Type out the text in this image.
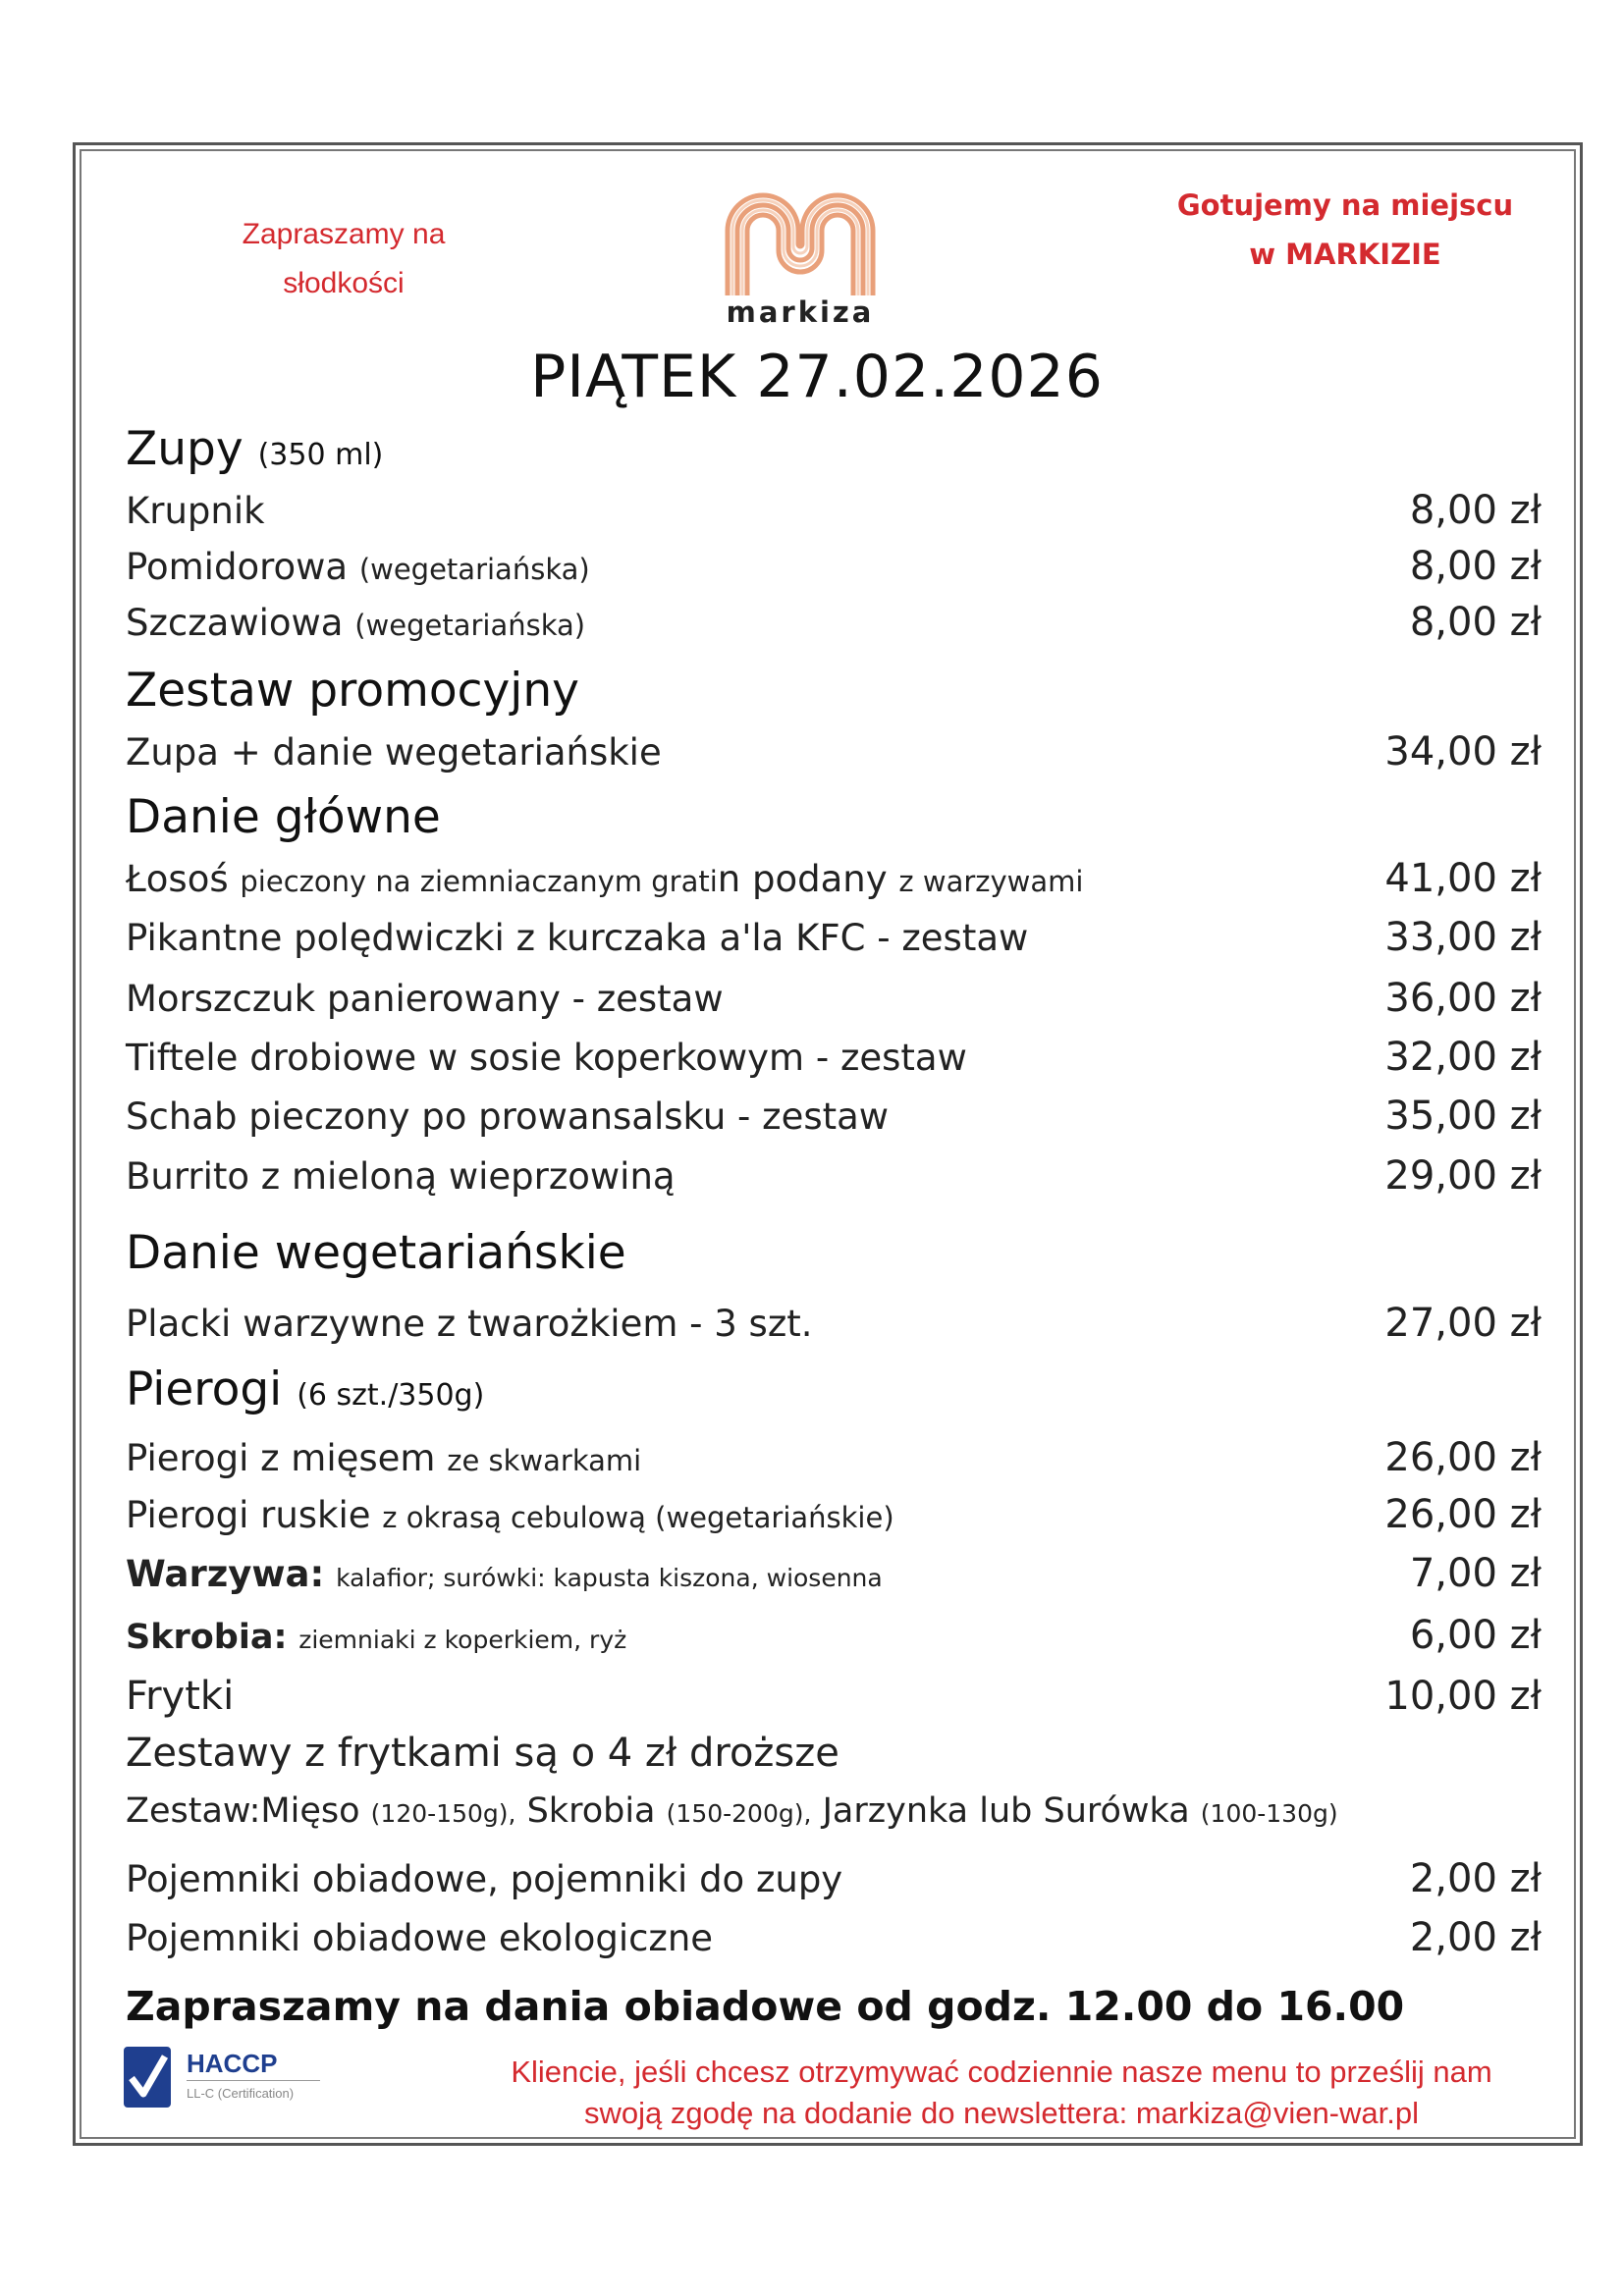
Zapraszamy na
słodkości
markiza
Gotujemy na miejscu
w MARKIZIE
PIĄTEK 27.02.2026
Zupy (350 ml)
Krupnik	8,00 zł
Pomidorowa (wegetariańska)	8,00 zł
Szczawiowa (wegetariańska)	8,00 zł
Zestaw promocyjny
Zupa + danie wegetariańskie	34,00 zł
Danie główne
Łosoś pieczony na ziemniaczanym gratin podany z warzywami	41,00 zł
Pikantne polędwiczki z kurczaka a'la KFC - zestaw	33,00 zł
Morszczuk panierowany - zestaw	36,00 zł
Tiftele drobiowe w sosie koperkowym - zestaw	32,00 zł
Schab pieczony po prowansalsku - zestaw	35,00 zł
Burrito z mieloną wieprzowiną	29,00 zł
Danie wegetariańskie
Placki warzywne z twarożkiem - 3 szt.	27,00 zł
Pierogi (6 szt./350g)
Pierogi z mięsem ze skwarkami	26,00 zł
Pierogi ruskie z okrasą cebulową (wegetariańskie)	26,00 zł
Warzywa: kalafior; surówki: kapusta kiszona, wiosenna	7,00 zł
Skrobia: ziemniaki z koperkiem, ryż	6,00 zł
Frytki	10,00 zł
Zestawy z frytkami są o 4 zł droższe
Zestaw:Mięso (120-150g), Skrobia (150-200g), Jarzynka lub Surówka (100-130g)
Pojemniki obiadowe, pojemniki do zupy	2,00 zł
Pojemniki obiadowe ekologiczne	2,00 zł
Zapraszamy na dania obiadowe od godz. 12.00 do 16.00
HACCP
LL-C (Certification)
Kliencie, jeśli chcesz otrzymywać codziennie nasze menu to prześlij nam
swoją zgodę na dodanie do newslettera: markiza@vien-war.pl
